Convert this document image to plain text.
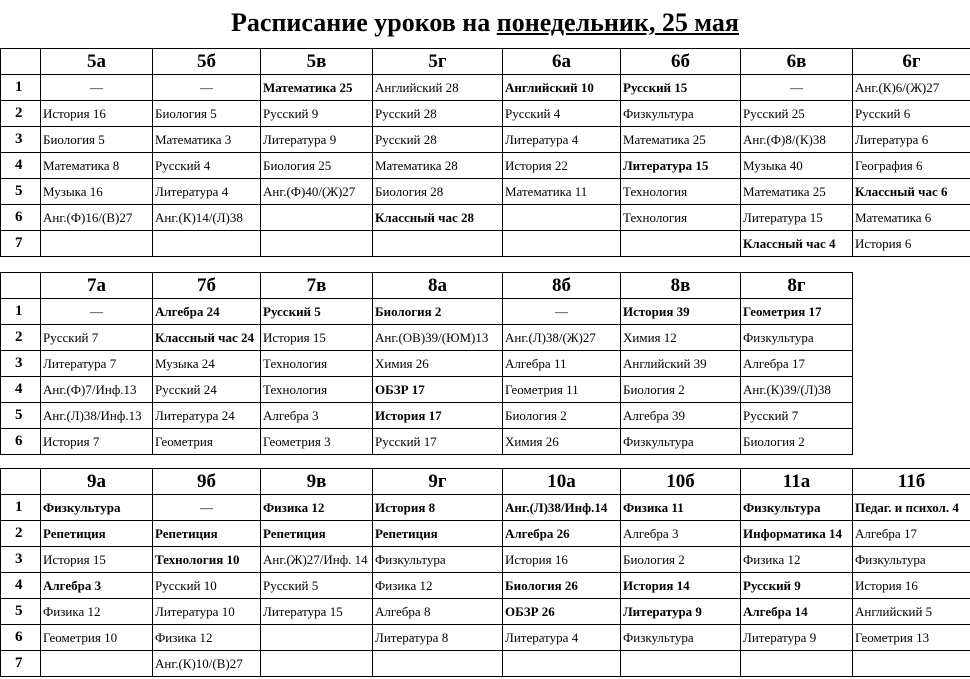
Расписание уроков на понедельник, 25 мая
	5а	5б	5в	5г	6а	6б	6в	6г
1	—	—	Математика 25	Английский 28	Английский 10	Русский 15	—	Анг.(К)6/(Ж)27
2	История 16	Биология 5	Русский 9	Русский 28	Русский 4	Физкультура	Русский 25	Русский 6
3	Биология 5	Математика 3	Литература 9	Русский 28	Литература 4	Математика 25	Анг.(Ф)8/(К)38	Литература 6
4	Математика 8	Русский 4	Биология 25	Математика 28	История 22	Литература 15	Музыка 40	География 6
5	Музыка 16	Литература 4	Анг.(Ф)40/(Ж)27	Биология 28	Математика 11	Технология	Математика 25	Классный час 6
6	Анг.(Ф)16/(В)27	Анг.(К)14/(Л)38		Классный час 28		Технология	Литература 15	Математика 6
7							Классный час 4	История 6
	7а	7б	7в	8а	8б	8в	8г
1	—	Алгебра 24	Русский 5	Биология 2	—	История 39	Геометрия 17
2	Русский 7	Классный час 24	История 15	Анг.(ОВ)39/(ЮМ)13	Анг.(Л)38/(Ж)27	Химия 12	Физкультура
3	Литература 7	Музыка 24	Технология	Химия 26	Алгебра 11	Английский 39	Алгебра 17
4	Анг.(Ф)7/Инф.13	Русский 24	Технология	ОБЗР 17	Геометрия 11	Биология 2	Анг.(К)39/(Л)38
5	Анг.(Л)38/Инф.13	Литература 24	Алгебра 3	История 17	Биология 2	Алгебра 39	Русский 7
6	История 7	Геометрия	Геометрия 3	Русский 17	Химия 26	Физкультура	Биология 2
	9а	9б	9в	9г	10а	10б	11а	11б
1	Физкультура	—	Физика 12	История 8	Анг.(Л)38/Инф.14	Физика 11	Физкультура	Педаг. и психол. 4
2	Репетиция	Репетиция	Репетиция	Репетиция	Алгебра 26	Алгебра 3	Информатика 14	Алгебра 17
3	История 15	Технология 10	Анг.(Ж)27/Инф. 14	Физкультура	История 16	Биология 2	Физика 12	Физкультура
4	Алгебра 3	Русский 10	Русский 5	Физика 12	Биология 26	История 14	Русский 9	История 16
5	Физика 12	Литература 10	Литература 15	Алгебра 8	ОБЗР 26	Литература 9	Алгебра 14	Английский 5
6	Геометрия 10	Физика 12		Литература 8	Литература 4	Физкультура	Литература 9	Геометрия 13
7		Анг.(К)10/(В)27						
